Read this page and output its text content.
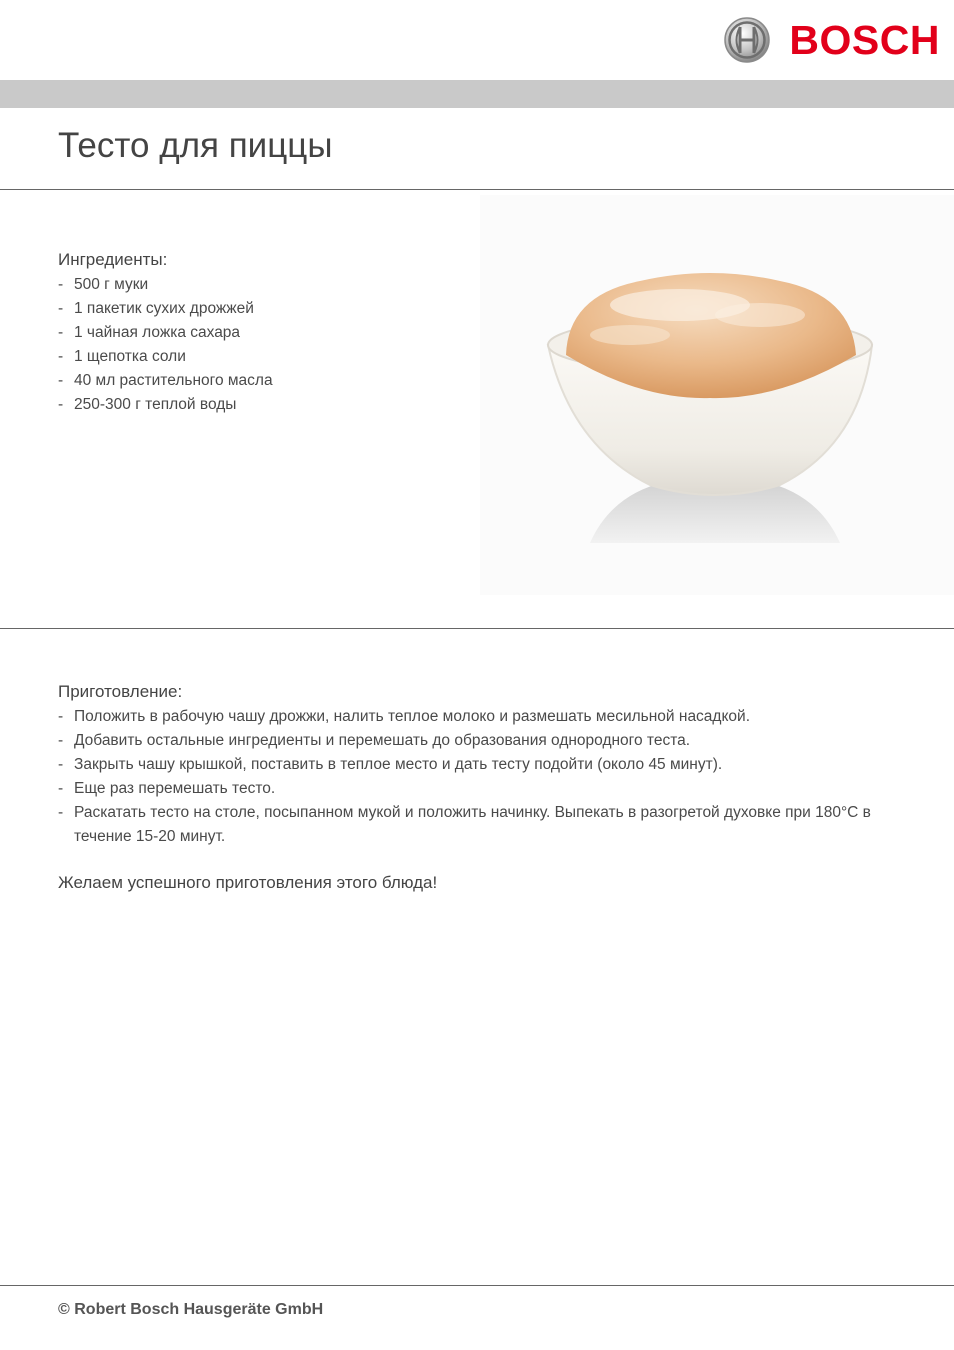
BOSCH
Тесто для пиццы
Ингредиенты:
- 500 г муки
- 1 пакетик сухих дрожжей
- 1 чайная ложка сахара
- 1 щепотка соли
- 40 мл растительного масла
- 250-300 г теплой воды
Приготовление:
- Положить в рабочую чашу дрожжи, налить теплое молоко и размешать месильной насадкой.
- Добавить остальные ингредиенты и перемешать до образования однородного теста.
- Закрыть чашу крышкой, поставить в теплое место и дать тесту подойти (около 45 минут).
- Еще раз перемешать тесто.
- Раскатать тесто на столе, посыпанном мукой и положить начинку. Выпекать в разогретой духовке при 180°C в течение 15-20 минут.
Желаем успешного приготовления этого блюда!
© Robert Bosch Hausgeräte GmbH
